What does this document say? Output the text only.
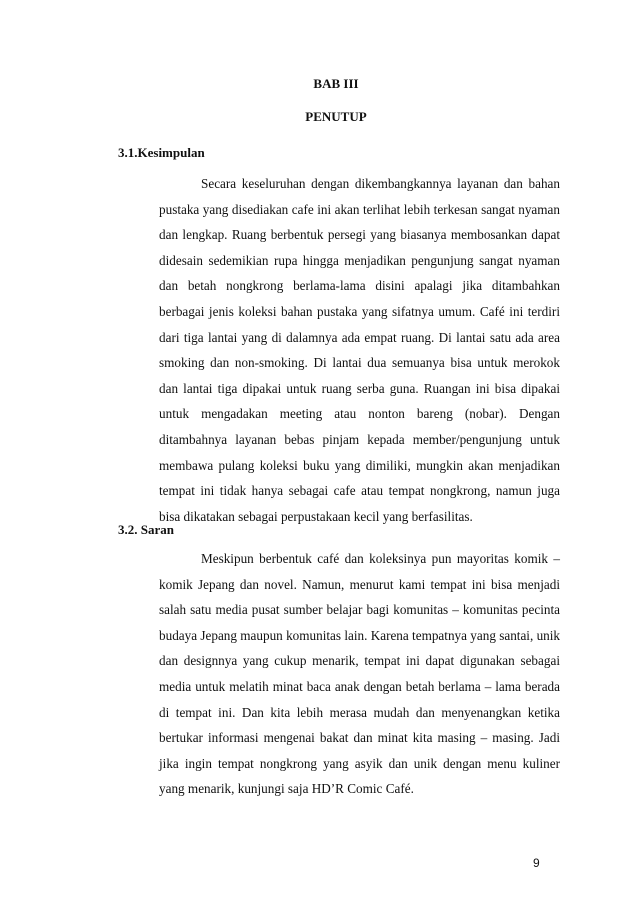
BAB III
PENUTUP
3.1.Kesimpulan

Secara keseluruhan dengan dikembangkannya layanan dan bahan pustaka yang disediakan cafe ini akan terlihat lebih terkesan sangat nyaman dan lengkap. Ruang berbentuk persegi yang biasanya membosankan dapat didesain sedemikian rupa hingga menjadikan pengunjung sangat nyaman dan betah nongkrong berlama-lama disini apalagi jika ditambahkan berbagai jenis koleksi bahan pustaka yang sifatnya umum. Café ini terdiri dari tiga lantai yang di dalamnya ada empat ruang. Di lantai satu ada area smoking dan non-smoking. Di lantai dua semuanya bisa untuk merokok dan lantai tiga dipakai untuk ruang serba guna. Ruangan ini bisa dipakai untuk mengadakan meeting atau nonton bareng (nobar). Dengan ditambahnya layanan bebas pinjam kepada member/pengunjung untuk membawa pulang koleksi buku yang dimiliki, mungkin akan menjadikan tempat ini tidak hanya sebagai cafe atau tempat nongkrong, namun juga bisa dikatakan sebagai perpustakaan kecil yang berfasilitas.

3.2. Saran

Meskipun berbentuk café dan koleksinya pun mayoritas komik – komik Jepang dan novel. Namun, menurut kami tempat ini bisa menjadi salah satu media pusat sumber belajar bagi komunitas – komunitas pecinta budaya Jepang maupun komunitas lain. Karena tempatnya yang santai, unik dan designnya yang cukup menarik, tempat ini dapat digunakan sebagai media untuk melatih minat baca anak dengan betah berlama – lama berada di tempat ini. Dan kita lebih merasa mudah dan menyenangkan ketika bertukar informasi mengenai bakat dan minat kita masing – masing. Jadi jika ingin tempat nongkrong yang asyik dan unik dengan menu kuliner yang menarik, kunjungi saja HD’R Comic Café.

9
